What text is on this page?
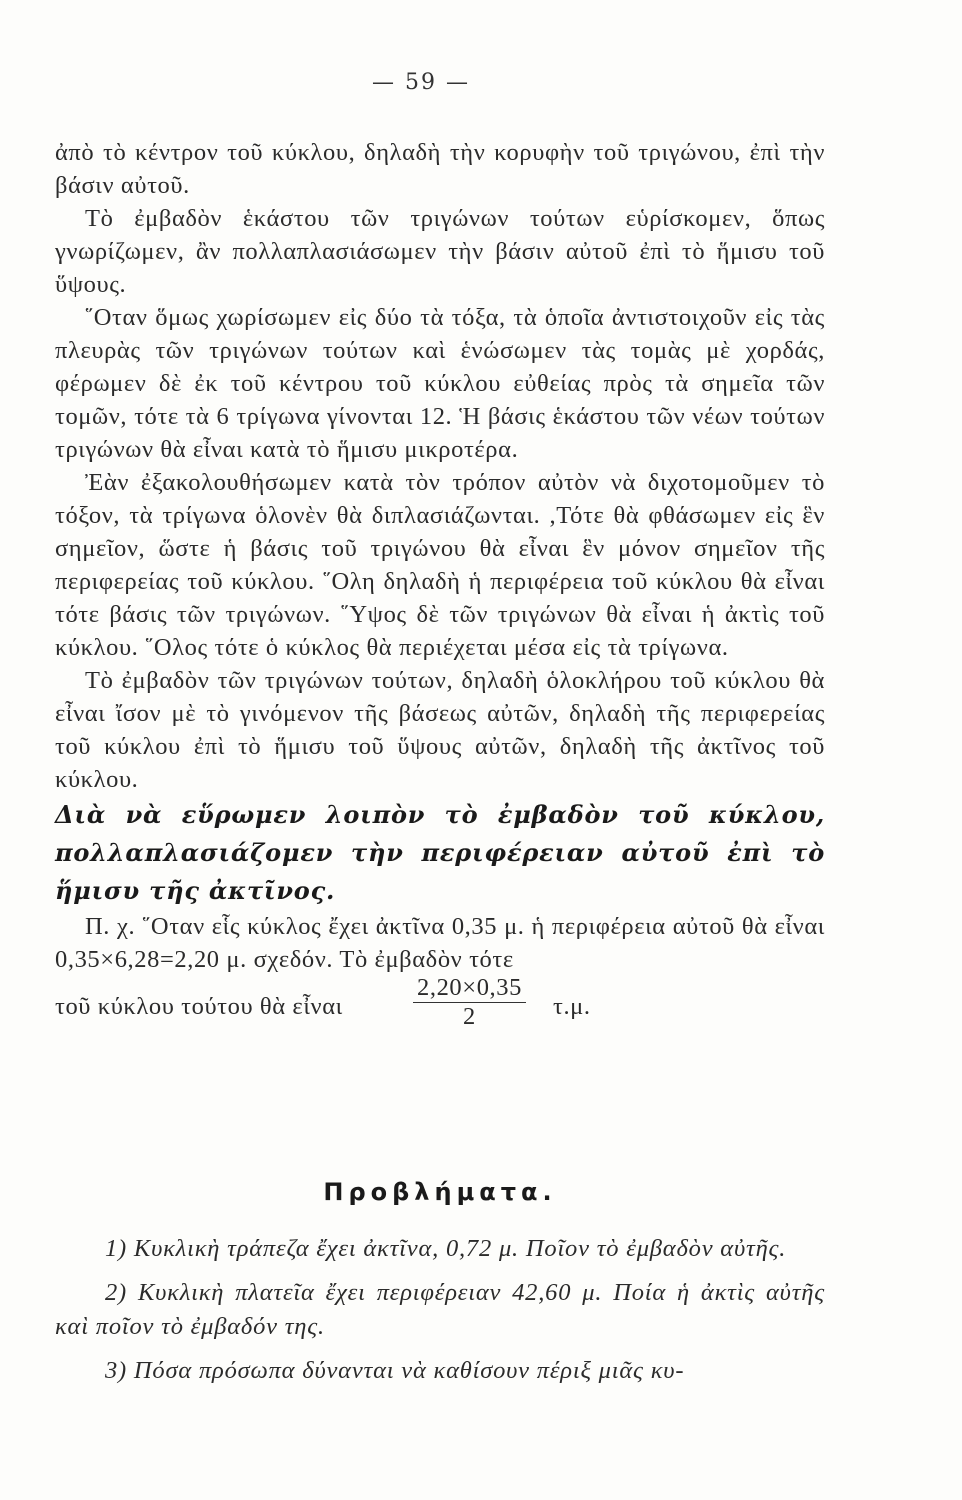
— 59 —

ἀπὸ τὸ κέντρον τοῦ κύκλου, δηλαδὴ τὴν κορυφὴν τοῦ τριγώνου, ἐπὶ τὴν βάσιν αὐτοῦ.

Τὸ ἐμβαδὸν ἑκάστου τῶν τριγώνων τούτων εὑρίσκομεν, ὅπως γνωρίζωμεν, ἂν πολλαπλασιάσωμεν τὴν βάσιν αὐτοῦ ἐπὶ τὸ ἥμισυ τοῦ ὕψους.

῞Οταν ὅμως χωρίσωμεν εἰς δύο τὰ τόξα, τὰ ὁποῖα ἀντιστοιχοῦν εἰς τὰς πλευρὰς τῶν τριγώνων τούτων καὶ ἑνώσωμεν τὰς τομὰς μὲ χορδάς, φέρωμεν δὲ ἐκ τοῦ κέντρου τοῦ κύκλου εὐθείας πρὸς τὰ σημεῖα τῶν τομῶν, τότε τὰ 6 τρίγωνα γίνονται 12. Ἡ βάσις ἑκάστου τῶν νέων τούτων τριγώνων θὰ εἶναι κατὰ τὸ ἥμισυ μικροτέρα.

Ἐὰν ἐξακολουθήσωμεν κατὰ τὸν τρόπον αὐτὸν νὰ διχοτομοῦμεν τὸ τόξον, τὰ τρίγωνα ὁλονὲν θὰ διπλασιάζωνται. ,Τότε θὰ φθάσωμεν εἰς ἓν σημεῖον, ὥστε ἡ βάσις τοῦ τριγώνου θὰ εἶναι ἓν μόνον σημεῖον τῆς περιφερείας τοῦ κύκλου. ῞Ολη δηλαδὴ ἡ περιφέρεια τοῦ κύκλου θὰ εἶναι τότε βάσις τῶν τριγώνων. ῞Υψος δὲ τῶν τριγώνων θὰ εἶναι ἡ ἀκτὶς τοῦ κύκλου. ῞Ολος τότε ὁ κύκλος θὰ περιέχεται μέσα εἰς τὰ τρίγωνα.

Τὸ ἐμβαδὸν τῶν τριγώνων τούτων, δηλαδὴ ὁλοκλήρου τοῦ κύκλου θὰ εἶναι ἴσον μὲ τὸ γινόμενον τῆς βάσεως αὐτῶν, δηλαδὴ τῆς περιφερείας τοῦ κύκλου ἐπὶ τὸ ἥμισυ τοῦ ὕψους αὐτῶν, δηλαδὴ τῆς ἀκτῖνος τοῦ κύκλου.

Διὰ νὰ εὕρωμεν λοιπὸν τὸ ἐμβαδὸν τοῦ κύκλου, πολλαπλασιάζομεν τὴν περιφέρειαν αὐτοῦ ἐπὶ τὸ ἥμισυ τῆς ἀκτῖνος.

Π. χ. ῞Οταν εἷς κύκλος ἔχει ἀκτῖνα 0,35 μ. ἡ περιφέρεια αὐτοῦ θὰ εἶναι 0,35×6,28=2,20 μ. σχεδόν. Τὸ ἐμβαδὸν τότε

τοῦ κύκλου τούτου θὰ εἶναι	$\frac{2,20\times 0,35}{2} \tau.\mu$.
Προβλήματα.

1) Κυκλικὴ τράπεζα ἔχει ἀκτῖνα, 0,72 μ. Ποῖον τὸ ἐμβαδὸν αὐτῆς.

2) Κυκλικὴ πλατεῖα ἔχει περιφέρειαν 42,60 μ. Ποία ἡ ἀκτὶς αὐτῆς καὶ ποῖον τὸ ἐμβαδόν της.

3) Πόσα πρόσωπα δύνανται νὰ καθίσουν πέριξ μιᾶς κυ-
